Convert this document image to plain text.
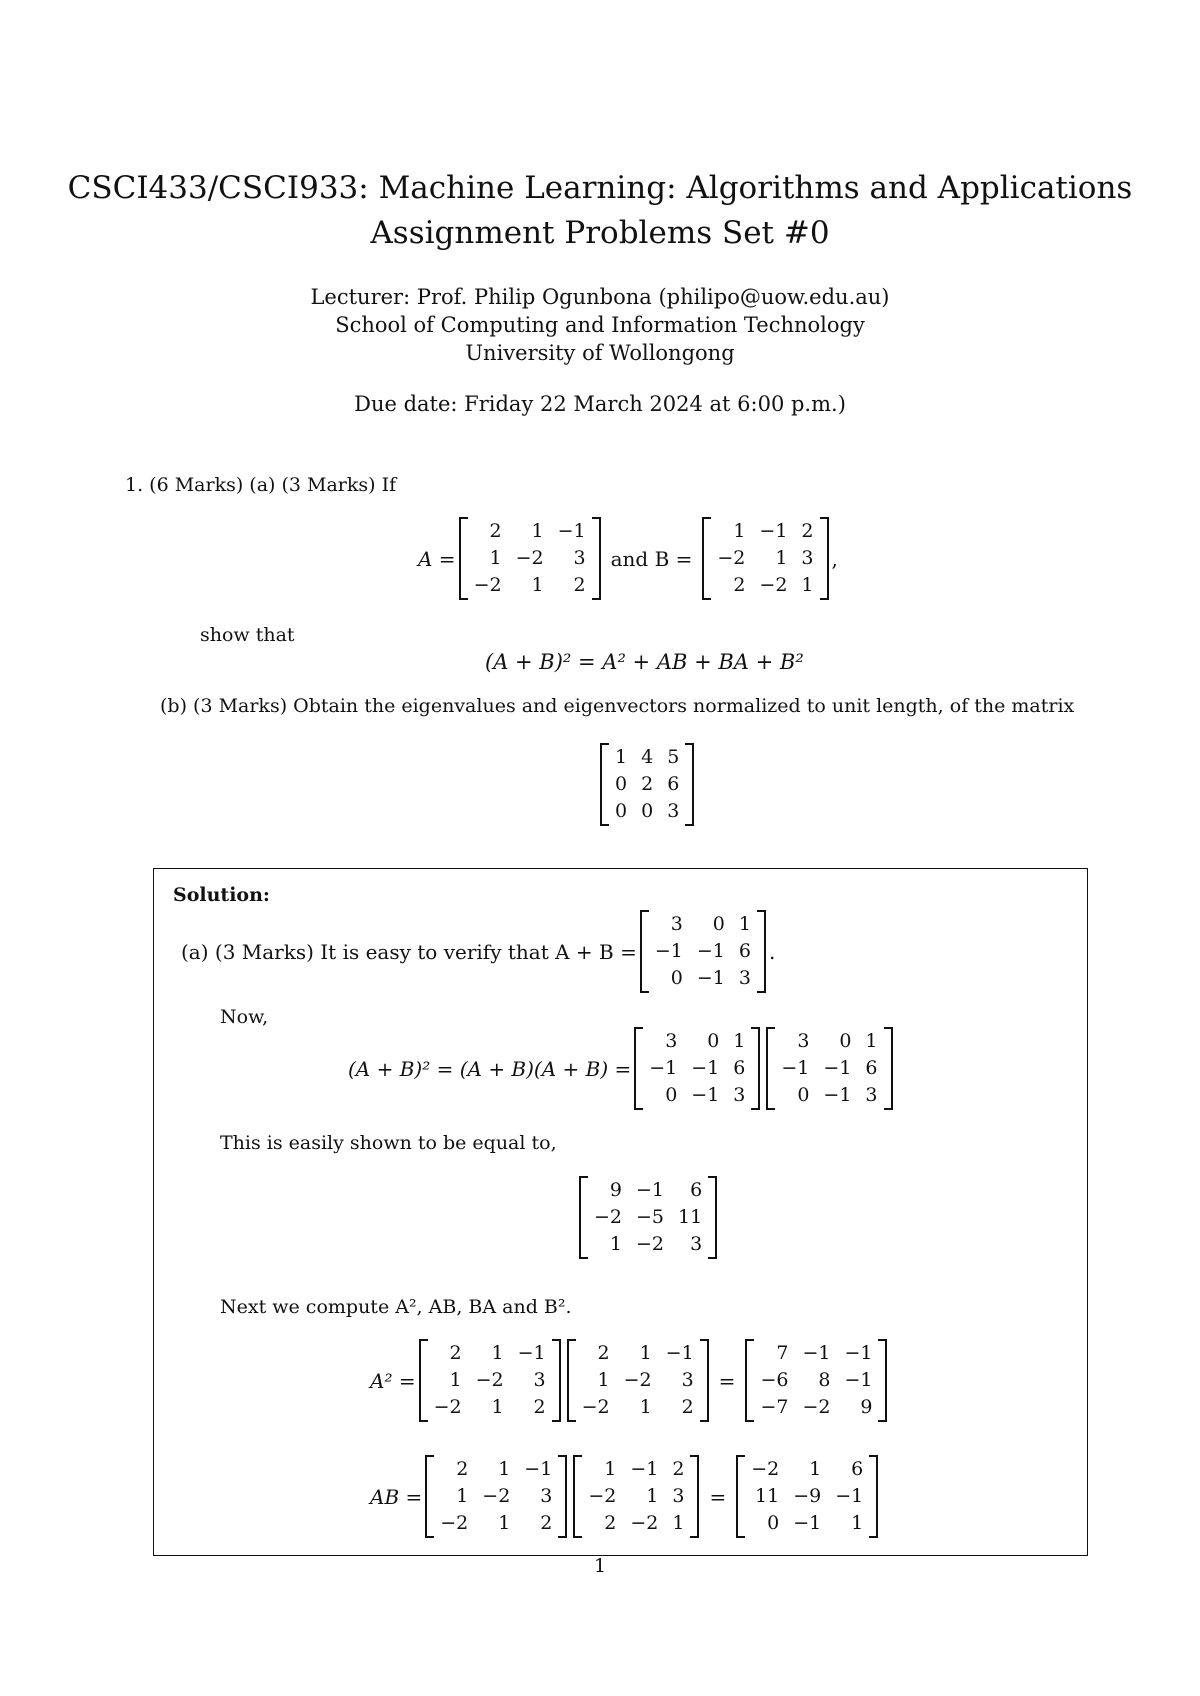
CSCI433/CSCI933: Machine Learning: Algorithms and Applications
Assignment Problems Set #0
Lecturer: Prof. Philip Ogunbona (philipo@uow.edu.au)
School of Computing and Information Technology
University of Wollongong
Due date: Friday 22 March 2024 at 6:00 p.m.)
1. (6 Marks) (a) (3 Marks) If
A =
2	1 −1
1 −2	3
−2	1	2
and B =
1 −1 2
−2	1 3
2 −2 1
,
show that
(A + B)² = A² + AB + BA + B²
(b) (3 Marks) Obtain the eigenvalues and eigenvectors normalized to unit length, of the matrix
1 4 5
0 2 6
0 0 3
Solution:
(a) (3 Marks) It is easy to verify that A + B =
3	0 1
−1 −1 6
0 −1 3
.
Now,
(A + B)² = (A + B)(A + B) =
3	0 1
−1 −1 6
0 −1 3
3	0 1
−1 −1 6
0 −1 3
This is easily shown to be equal to,
9 −1	6
−2 −5 11
1 −2	3
Next we compute A², AB, BA and B².
A² =
2	1 −1
1 −2	3
−2	1	2
2	1 −1
1 −2	3
−2	1	2
=
7 −1 −1
−6	8 −1
−7 −2	9
AB =
2	1 −1
1 −2	3
−2	1	2
1 −1 2
−2	1 3
2 −2 1
=
−2	1	6
11 −9 −1
0 −1	1
1
